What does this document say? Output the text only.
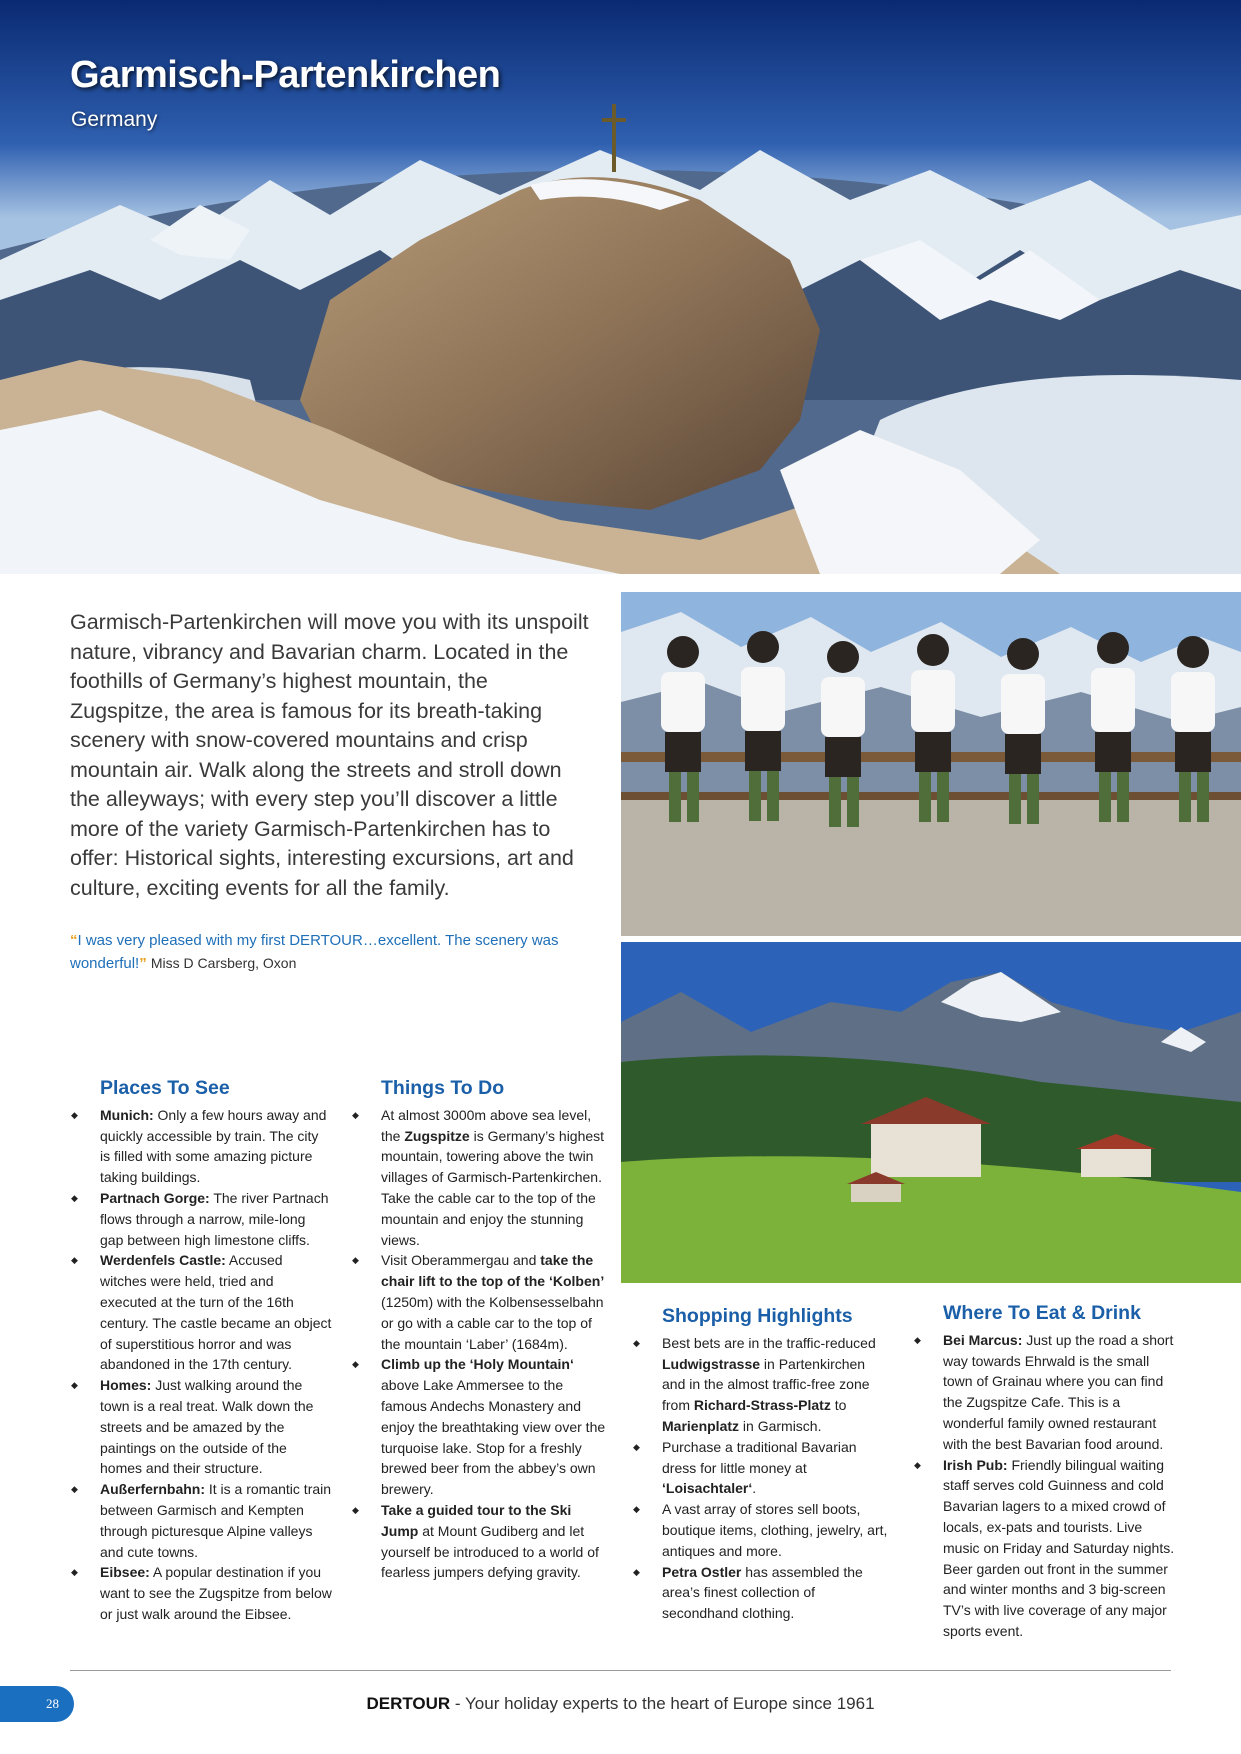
Garmisch-Partenkirchen
Germany
Garmisch-Partenkirchen will move you with its unspoilt nature, vibrancy and Bavarian charm. Located in the foothills of Germany’s highest mountain, the Zugspitze, the area is famous for its breath-taking scenery with snow-covered mountains and crisp mountain air. Walk along the streets and stroll down the alleyways; with every step you’ll discover a little more of the variety Garmisch-Partenkirchen has to offer: Historical sights, interesting excursions, art and culture, exciting events for all the family.
“I was very pleased with my first DERTOUR…excellent. The scenery was wonderful!” Miss D Carsberg, Oxon
Places To See
◆ Munich: Only a few hours away and quickly accessible by train. The city is filled with some amazing picture taking buildings.
◆ Partnach Gorge: The river Partnach flows through a narrow, mile-long gap between high limestone cliffs.
◆ Werdenfels Castle: Accused witches were held, tried and executed at the turn of the 16th century. The castle became an object of superstitious horror and was abandoned in the 17th century.
◆ Homes: Just walking around the town is a real treat. Walk down the streets and be amazed by the paintings on the outside of the homes and their structure.
◆ Außerfernbahn: It is a romantic train between Garmisch and Kempten through picturesque Alpine valleys and cute towns.
◆ Eibsee: A popular destination if you want to see the Zugspitze from below or just walk around the Eibsee.
Things To Do
◆ At almost 3000m above sea level, the Zugspitze is Germany’s highest mountain, towering above the twin villages of Garmisch-Partenkirchen. Take the cable car to the top of the mountain and enjoy the stunning views.
◆ Visit Oberammergau and take the chair lift to the top of the ‘Kolben’ (1250m) with the Kolbensesselbahn or go with a cable car to the top of the mountain ‘Laber’ (1684m).
◆ Climb up the ‘Holy Mountain‘ above Lake Ammersee to the famous Andechs Monastery and enjoy the breathtaking view over the turquoise lake. Stop for a freshly brewed beer from the abbey’s own brewery.
◆ Take a guided tour to the Ski Jump at Mount Gudiberg and let yourself be introduced to a world of fearless jumpers defying gravity.
Shopping Highlights
◆ Best bets are in the traffic-reduced Ludwigstrasse in Partenkirchen and in the almost traffic-free zone from Richard-Strass-Platz to Marienplatz in Garmisch.
◆ Purchase a traditional Bavarian dress for little money at ‘Loisachtaler‘.
◆ A vast array of stores sell boots, boutique items, clothing, jewelry, art, antiques and more.
◆ Petra Ostler has assembled the area’s finest collection of secondhand clothing.
Where To Eat & Drink
◆ Bei Marcus: Just up the road a short way towards Ehrwald is the small town of Grainau where you can find the Zugspitze Cafe. This is a wonderful family owned restaurant with the best Bavarian food around.
◆ Irish Pub: Friendly bilingual waiting staff serves cold Guinness and cold Bavarian lagers to a mixed crowd of locals, ex-pats and tourists. Live music on Friday and Saturday nights. Beer garden out front in the summer and winter months and 3 big-screen TV’s with live coverage of any major sports event.
28	DERTOUR - Your holiday experts to the heart of Europe since 1961
